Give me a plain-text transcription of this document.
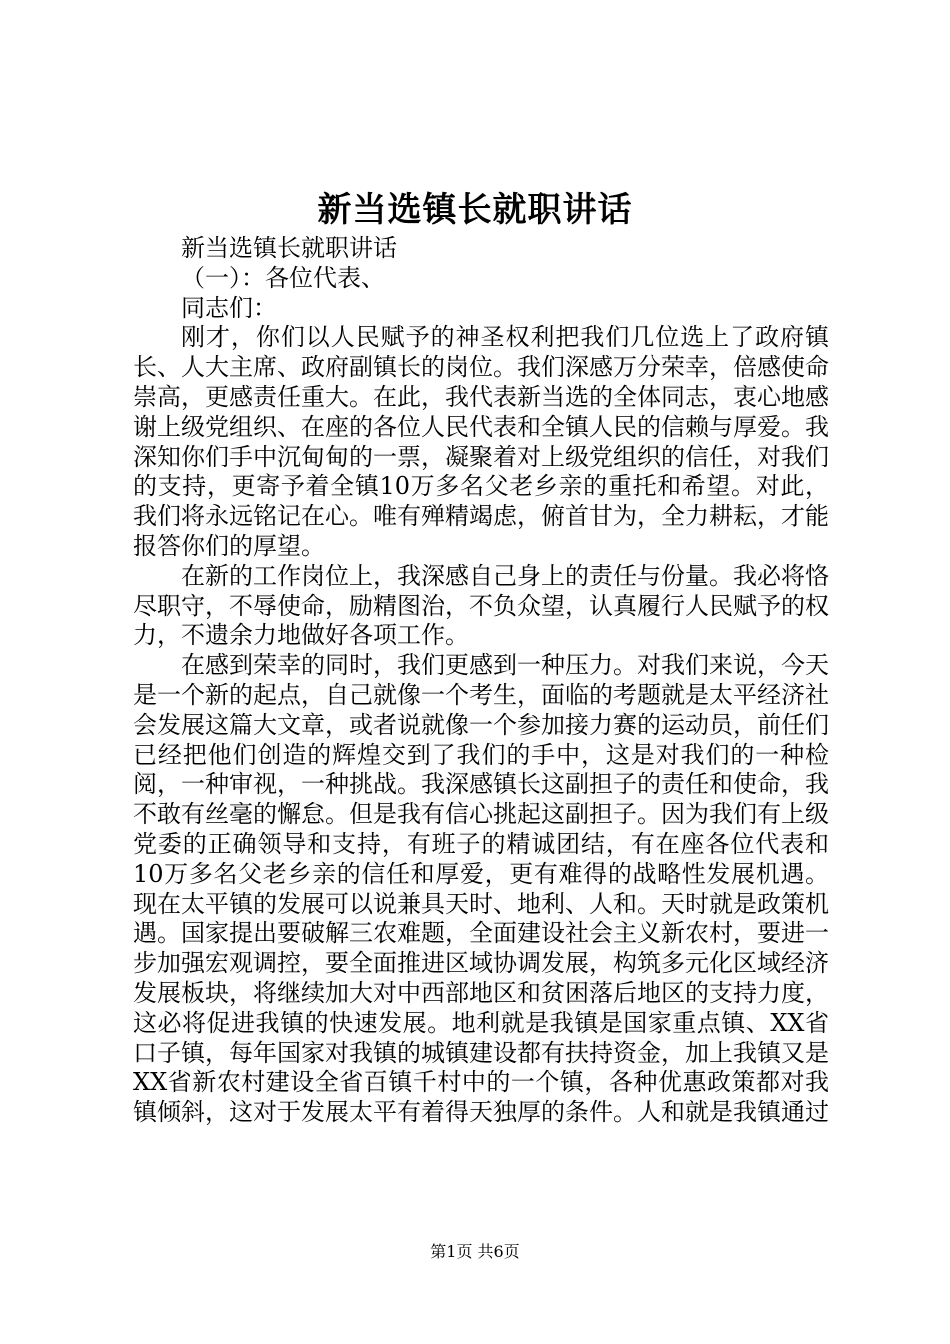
新当选镇长就职讲话

新当选镇长就职讲话

（一）：各位代表、

同志们：

刚才，你们以人民赋予的神圣权利把我们几位选上了政府镇长、人大主席、政府副镇长的岗位。我们深感万分荣幸，倍感使命崇高，更感责任重大。在此，我代表新当选的全体同志，衷心地感谢上级党组织、在座的各位人民代表和全镇人民的信赖与厚爱。我深知你们手中沉甸甸的一票，凝聚着对上级党组织的信任，对我们的支持，更寄予着全镇10万多名父老乡亲的重托和希望。对此，我们将永远铭记在心。唯有殚精竭虑，俯首甘为，全力耕耘，才能报答你们的厚望。

在新的工作岗位上，我深感自己身上的责任与份量。我必将恪尽职守，不辱使命，励精图治，不负众望，认真履行人民赋予的权力，不遗余力地做好各项工作。

在感到荣幸的同时，我们更感到一种压力。对我们来说，今天是一个新的起点，自己就像一个考生，面临的考题就是太平经济社会发展这篇大文章，或者说就像一个参加接力赛的运动员，前任们已经把他们创造的辉煌交到了我们的手中，这是对我们的一种检阅，一种审视，一种挑战。我深感镇长这副担子的责任和使命，我不敢有丝毫的懈怠。但是我有信心挑起这副担子。因为我们有上级党委的正确领导和支持，有班子的精诚团结，有在座各位代表和10万多名父老乡亲的信任和厚爱，更有难得的战略性发展机遇。现在太平镇的发展可以说兼具天时、地利、人和。天时就是政策机遇。国家提出要破解三农难题，全面建设社会主义新农村，要进一步加强宏观调控，要全面推进区域协调发展，构筑多元化区域经济发展板块，将继续加大对中西部地区和贫困落后地区的支持力度，这必将促进我镇的快速发展。地利就是我镇是国家重点镇、XX省口子镇，每年国家对我镇的城镇建设都有扶持资金，加上我镇又是XX省新农村建设全省百镇千村中的一个镇，各种优惠政策都对我镇倾斜，这对于发展太平有着得天独厚的条件。人和就是我镇通过

第1页 共6页
